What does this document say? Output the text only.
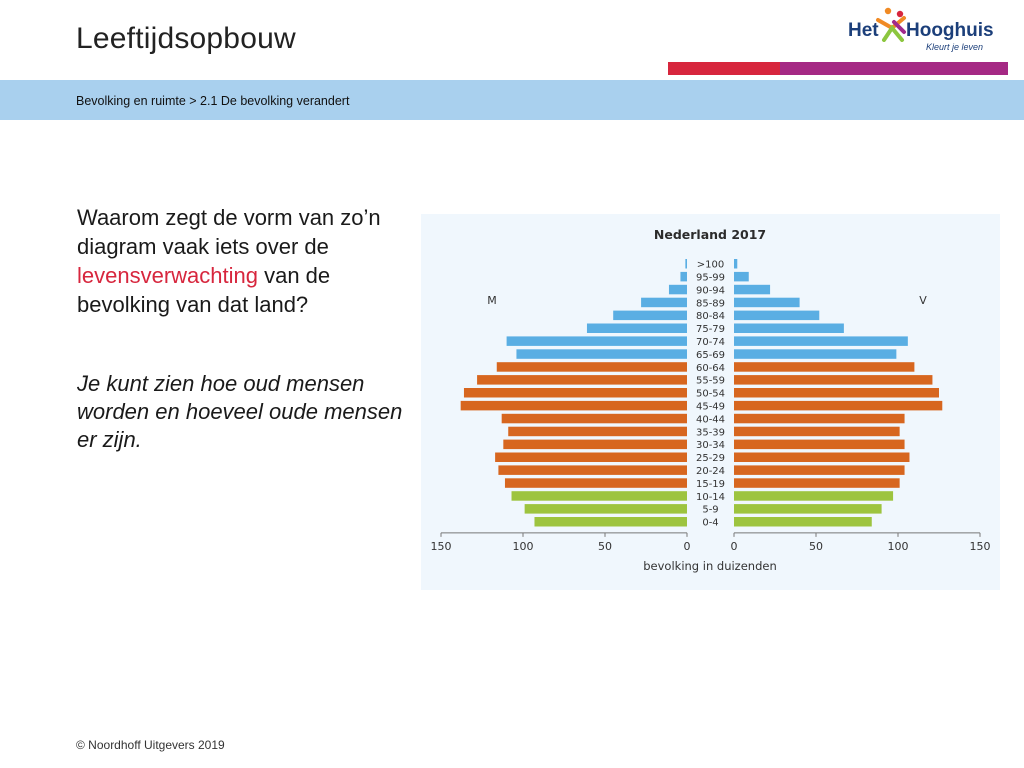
Leeftijdsopbouw	Het Hooghuis
Kleurt je leven
Bevolking en ruimte > 2.1 De bevolking verandert
Waarom zegt de vorm van zo’n diagram vaak iets over de levensverwachting van de bevolking van dat land?
Je kunt zien hoe oud mensen worden en hoeveel oude mensen er zijn.
Nederland 2017
M	V
>100
95-99
90-94
85-89
80-84
75-79
70-74
65-69
60-64
55-59
50-54
45-49
40-44
35-39
30-34
25-29
20-24
15-19
10-14
5-9
0-4
150	150
100	100
50	50
0	0
bevolking in duizenden
© Noordhoff Uitgevers 2019
